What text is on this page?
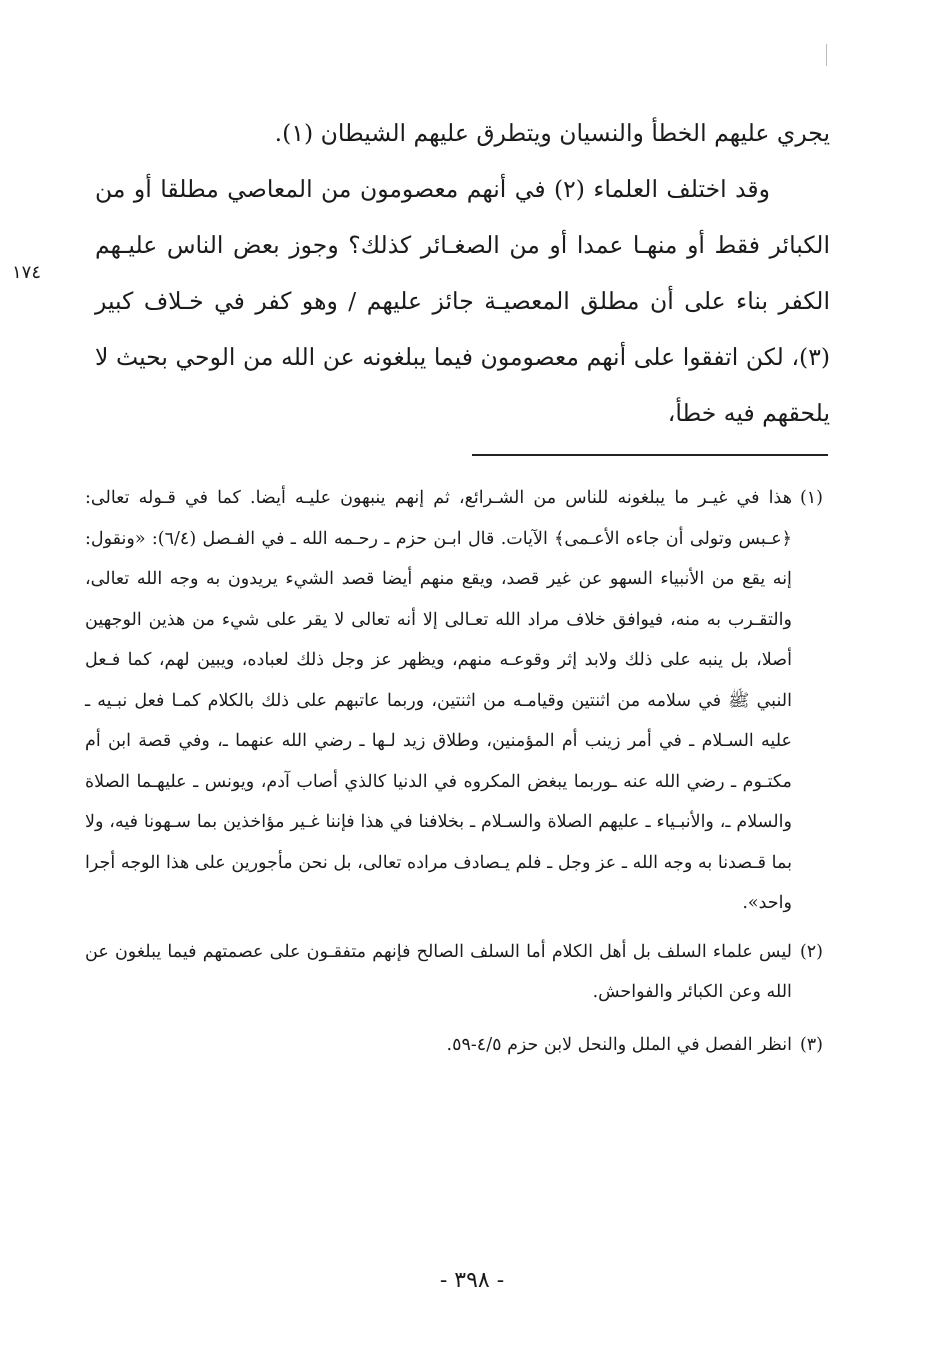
١٧٤

يجري عليهم الخطأ والنسيان ويتطرق عليهم الشيطان (١).

وقد اختلف العلماء (٢) في أنهم معصومون من المعاصي مطلقا أو من الكبائر فقط أو منهـا عمدا أو من الصغـائر كذلك؟ وجوز بعض الناس عليـهم الكفر بناء على أن مطلق المعصيـة جائز عليهم / وهو كفر في خـلاف كبير (٣)، لكن اتفقوا على أنهم معصومون فيما يبلغونه عن الله من الوحي بحيث لا يلحقهم فيه خطأ،

(١)
هذا في غيـر ما يبلغونه للناس من الشـرائع، ثم إنهم ينبهون عليـه أيضا. كما في قـوله تعالى: ﴿عـبس وتولى أن جاءه الأعـمى﴾ الآيات. قال ابـن حزم ـ رحـمه الله ـ في الفـصل (٦/٤): «ونقول: إنه يقع من الأنبياء السهو عن غير قصد، ويقع منهم أيضا قصد الشيء يريدون به وجه الله تعالى، والتقـرب به منه، فيوافق خلاف مراد الله تعـالى إلا أنه تعالى لا يقر على شيء من هذين الوجهين أصلا، بل ينبه على ذلك ولابد إثر وقوعـه منهم، ويظهر عز وجل ذلك لعباده، ويبين لهم، كما فـعل النبي ﷺ في سلامه من اثنتين وقيامـه من اثنتين، وربما عاتبهم على ذلك بالكلام كمـا فعل نبـيه ـ عليه السـلام ـ في أمر زينب أم المؤمنين، وطلاق زيد لـها ـ رضي الله عنهما ـ، وفي قصة ابن أم مكتـوم ـ رضي الله عنه ـوربما يبغض المكروه في الدنيا كالذي أصاب آدم، ويونس ـ عليهـما الصلاة والسلام ـ، والأنبـياء ـ عليهم الصلاة والسـلام ـ بخلافنا في هذا فإننا غـير مؤاخذين بما سـهونا فيه، ولا بما قـصدنا به وجه الله ـ عز وجل ـ فلم يـصادف مراده تعالى، بل نحن مأجورين على هذا الوجه أجرا واحد».
(٢)
ليس علماء السلف بل أهل الكلام أما السلف الصالح فإنهم متفقـون على عصمتهم فيما يبلغون عن الله وعن الكبائر والفواحش.
(٣)
انظر الفصل في الملل والنحل لابن حزم ٤/٥-٥٩.
- ٣٩٨ -
